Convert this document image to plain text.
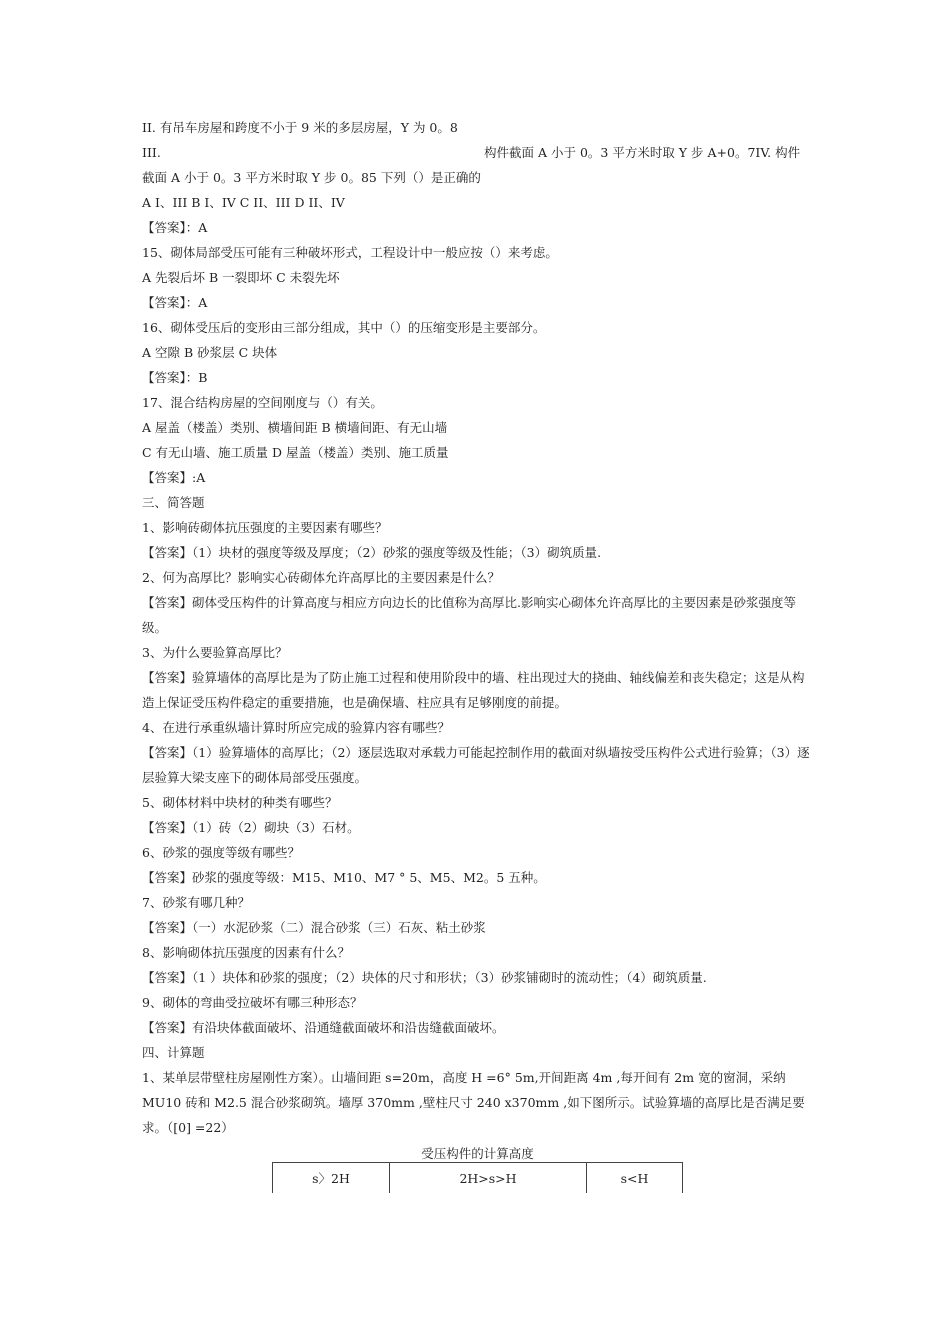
II. 有吊车房屋和跨度不小于 9 米的多层房屋，Y 为 0。8
III.	构件截面 A 小于 0。3 平方米时取 Y 步 A+0。7IV. 构件
截面 A 小于 0。3 平方米时取 Y 步 0。85 下列（）是正确的
A I、III B I、IV C II、III D II、IV
【答案】：A
15、砌体局部受压可能有三种破坏形式，工程设计中一般应按（）来考虑。
A 先裂后坏 B 一裂即坏 C 未裂先坏
【答案】：A
16、砌体受压后的变形由三部分组成，其中（）的压缩变形是主要部分。
A 空隙 B 砂浆层 C 块体
【答案】：B
17、混合结构房屋的空间刚度与（）有关。
A 屋盖（楼盖）类别、横墙间距 B 横墙间距、有无山墙
C 有无山墙、施工质量 D 屋盖（楼盖）类别、施工质量
【答案】:A
三、简答题
1、影响砖砌体抗压强度的主要因素有哪些？
【答案】（1）块材的强度等级及厚度；（2）砂浆的强度等级及性能；（3）砌筑质量.
2、何为高厚比？影响实心砖砌体允许高厚比的主要因素是什么？
【答案】砌体受压构件的计算高度与相应方向边长的比值称为高厚比.影响实心砌体允许高厚比的主要因素是砂浆强度等级。
3、为什么要验算高厚比？
【答案】验算墙体的高厚比是为了防止施工过程和使用阶段中的墙、柱出现过大的挠曲、轴线偏差和丧失稳定；这是从构造上保证受压构件稳定的重要措施，也是确保墙、柱应具有足够刚度的前提。
4、在进行承重纵墙计算时所应完成的验算内容有哪些？
【答案】（1）验算墙体的高厚比；（2）逐层选取对承载力可能起控制作用的截面对纵墙按受压构件公式进行验算；（3）逐层验算大梁支座下的砌体局部受压强度。
5、砌体材料中块材的种类有哪些？
【答案】（1）砖（2）砌块（3）石材。
6、砂浆的强度等级有哪些？
【答案】砂浆的强度等级：M15、M10、M7 ° 5、M5、M2。5 五种。
7、砂浆有哪几种？
【答案】（一）水泥砂浆（二）混合砂浆（三）石灰、粘土砂浆
8、影响砌体抗压强度的因素有什么？
【答案】（1 ）块体和砂浆的强度；（2）块体的尺寸和形状；（3）砂浆铺砌时的流动性；（4）砌筑质量.
9、砌体的弯曲受拉破坏有哪三种形态？
【答案】有沿块体截面破坏、沿通缝截面破坏和沿齿缝截面破坏。
四、计算题
1、某单层带壁柱房屋刚性方案）。山墙间距 s=20m，高度 H =6° 5m,开间距离 4m ,每开间有 2m 宽的窗洞，采纳 MU10 砖和 M2.5 混合砂浆砌筑。墙厚 370mm ,壁柱尺寸 240 x370mm ,如下图所示。试验算墙的高厚比是否满足要求。（[0] =22）
受压构件的计算高度
s〉2H	2H>s>H	s<H
